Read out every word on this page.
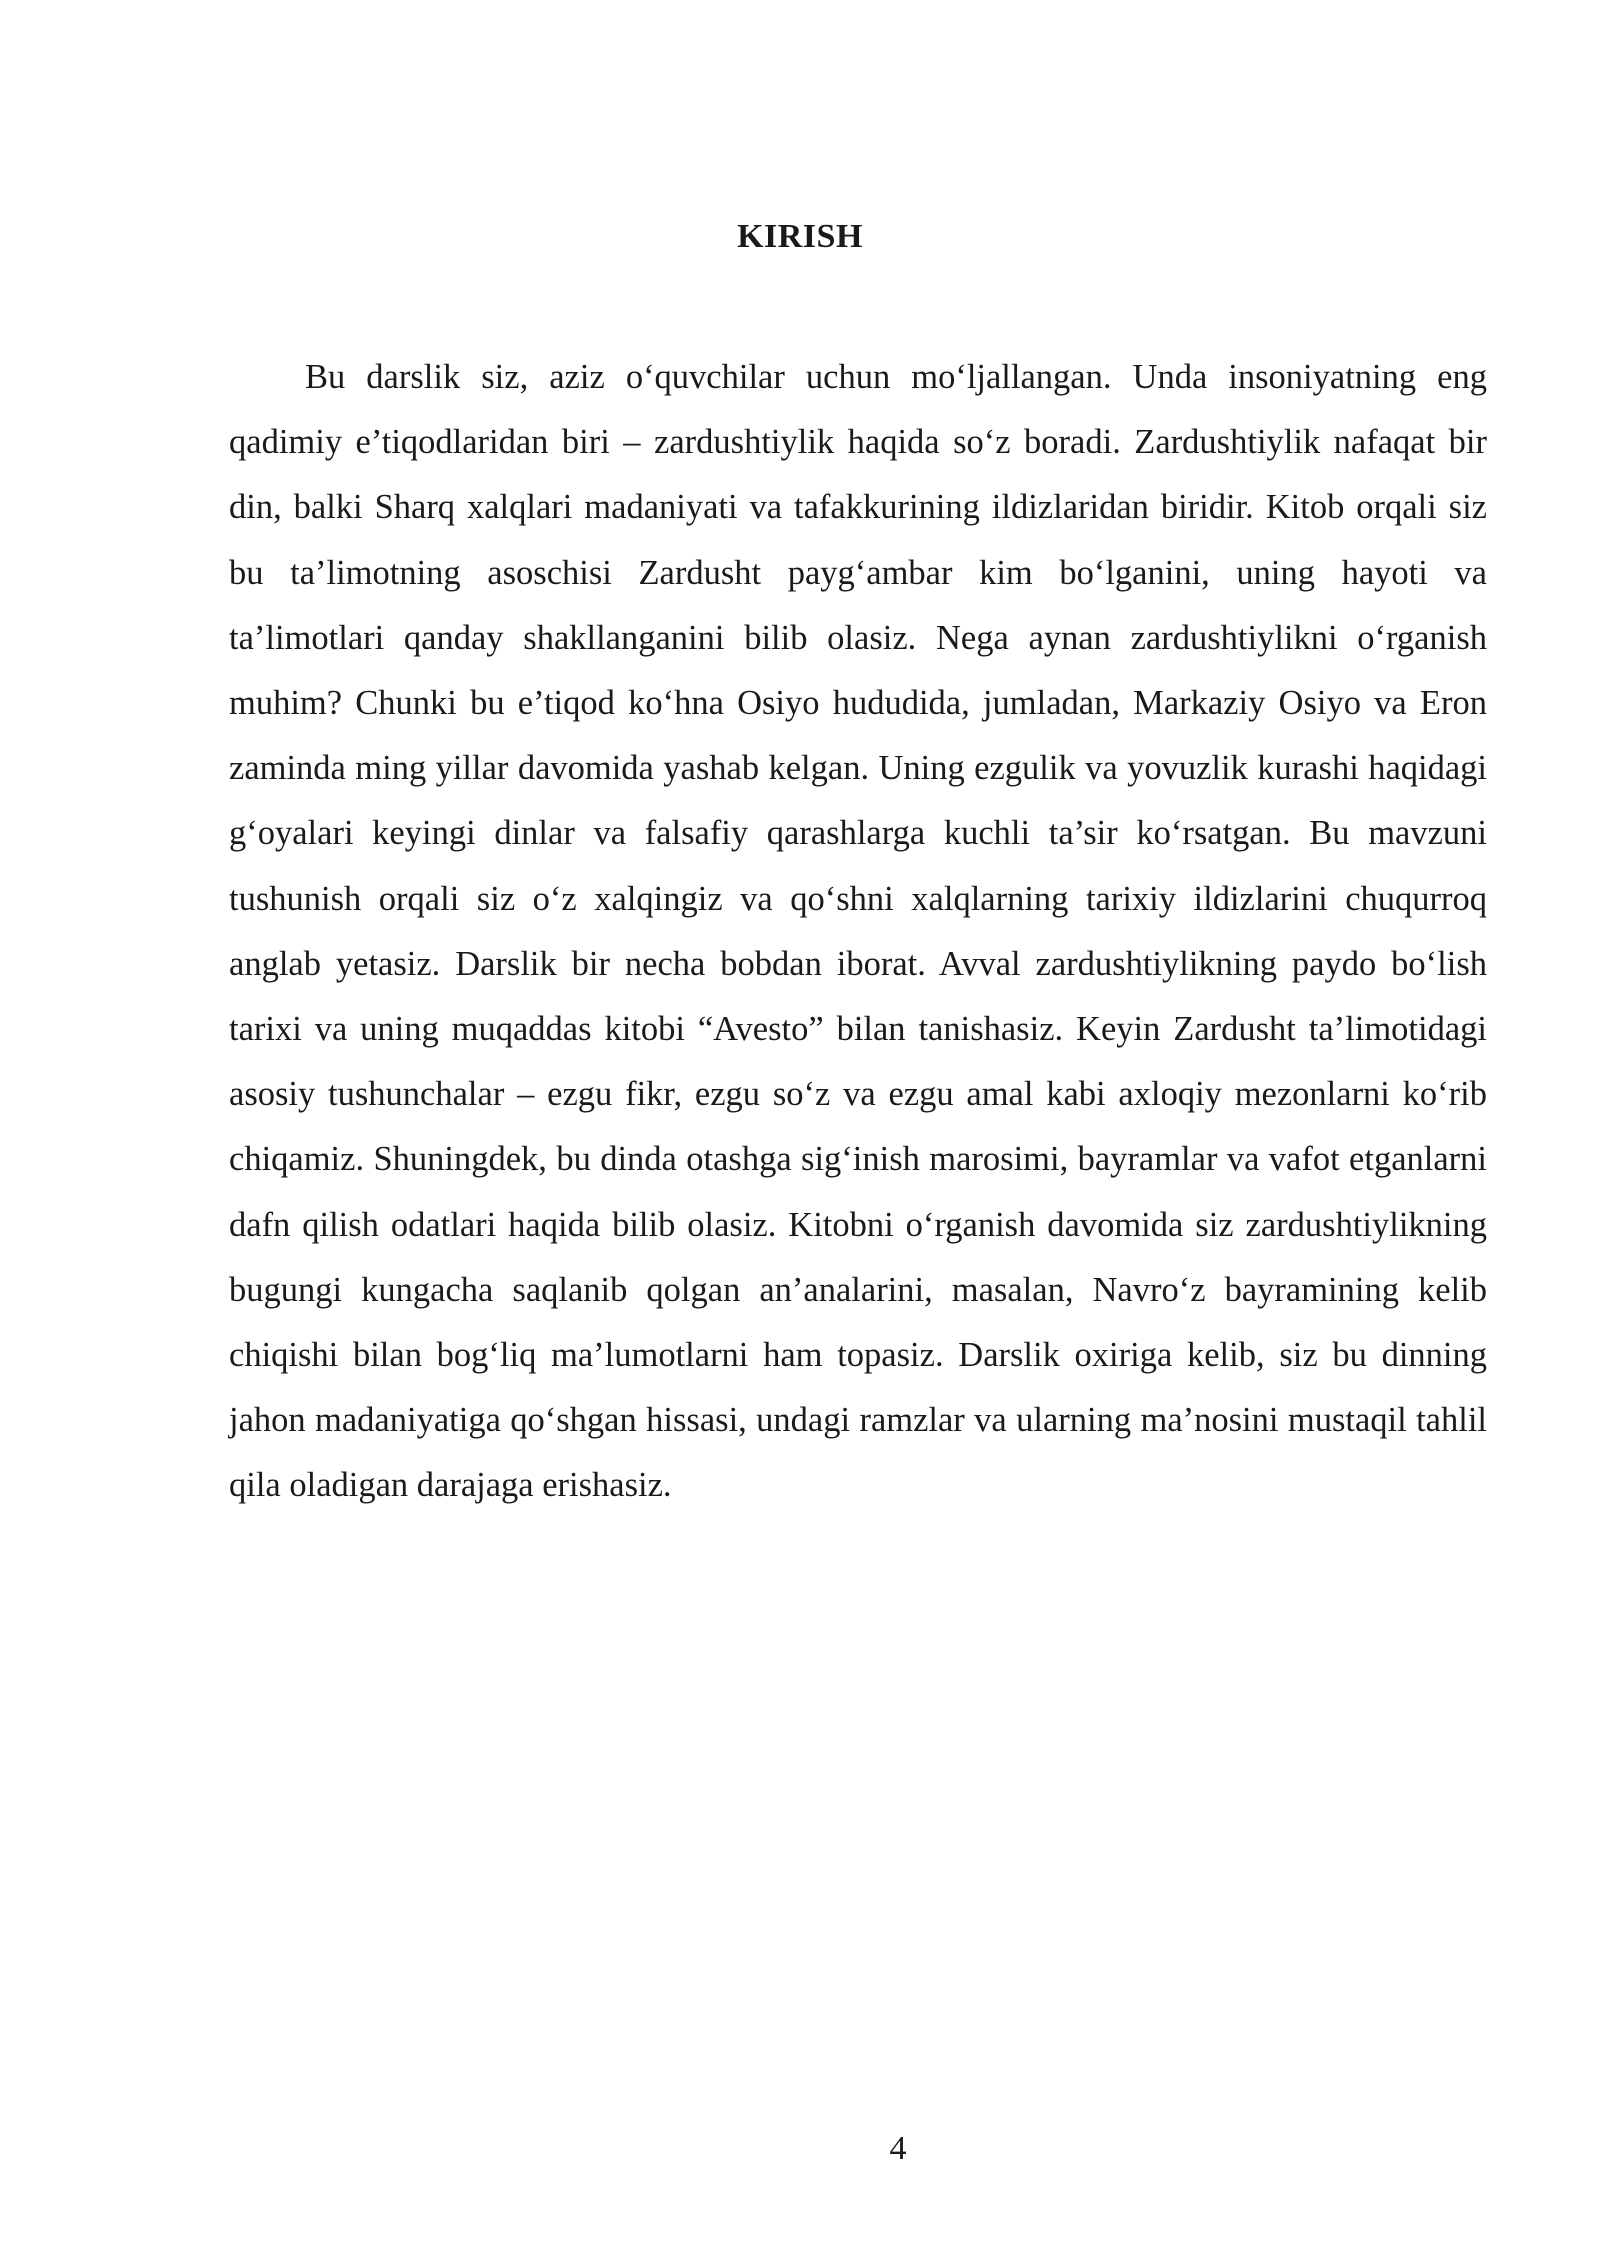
KIRISH

Bu darslik siz, aziz o‘quvchilar uchun mo‘ljallangan. Unda insoniyatning eng qadimiy e’tiqodlaridan biri – zardushtiylik haqida so‘z boradi. Zardushtiylik nafaqat bir din, balki Sharq xalqlari madaniyati va tafakkurining ildizlaridan biridir. Kitob orqali siz bu ta’limotning asoschisi Zardusht payg‘ambar kim bo‘lganini, uning hayoti va ta’limotlari qanday shakllanganini bilib olasiz. Nega aynan zardushtiylikni o‘rganish muhim? Chunki bu e’tiqod ko‘hna Osiyo hududida, jumladan, Markaziy Osiyo va Eron zaminda ming yillar davomida yashab kelgan. Uning ezgulik va yovuzlik kurashi haqidagi g‘oyalari keyingi dinlar va falsafiy qarashlarga kuchli ta’sir ko‘rsatgan. Bu mavzuni tushunish orqali siz o‘z xalqingiz va qo‘shni xalqlarning tarixiy ildizlarini chuqurroq anglab yetasiz. Darslik bir necha bobdan iborat. Avval zardushtiylikning paydo bo‘lish tarixi va uning muqaddas kitobi “Avesto” bilan tanishasiz. Keyin Zardusht ta’limotidagi asosiy tushunchalar – ezgu fikr, ezgu so‘z va ezgu amal kabi axloqiy mezonlarni ko‘rib chiqamiz. Shuningdek, bu dinda otashga sig‘inish marosimi, bayramlar va vafot etganlarni dafn qilish odatlari haqida bilib olasiz. Kitobni o‘rganish davomida siz zardushtiylikning bugungi kungacha saqlanib qolgan an’analarini, masalan, Navro‘z bayramining kelib chiqishi bilan bog‘liq ma’lumotlarni ham topasiz. Darslik oxiriga kelib, siz bu dinning jahon madaniyatiga qo‘shgan hissasi, undagi ramzlar va ularning ma’nosini mustaqil tahlil qila oladigan darajaga erishasiz.

4
